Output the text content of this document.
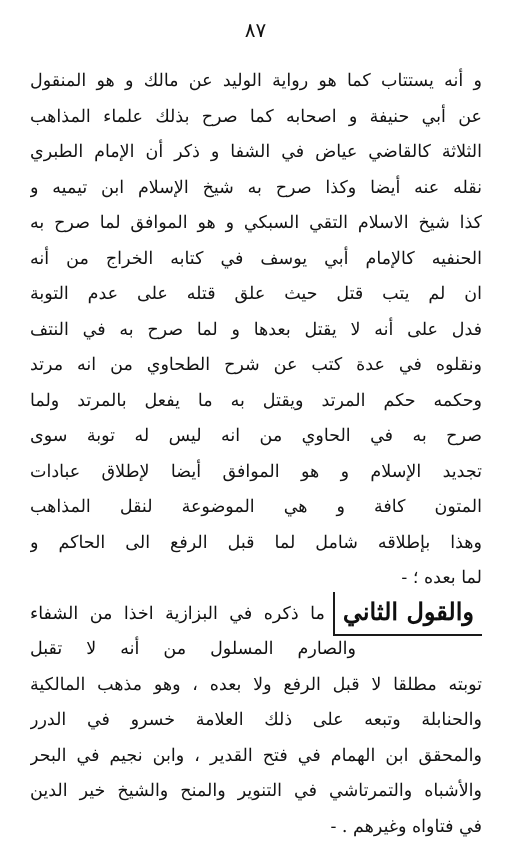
٨٧
و أنه يستتاب كما هو رواية الوليد عن مالك و هو المنقول
عن أبي حنيفة و اصحابه كما صرح بذلك علماء المذاهب
الثلاثة كالقاضي عياض في الشفا و ذكر أن الإمام الطبري
نقله عنه أيضا وكذا صرح به شيخ الإسلام ابن تيميه و
كذا شيخ الاسلام التقي السبكي و هو الموافق لما صرح به
الحنفيه كالإمام أبي يوسف في كتابه الخراج من أنه
ان لم يتب قتل حيث علق قتله على عدم التوبة
فدل على أنه لا يقتل بعدها و لما صرح به في النتف
ونقلوه في عدة كتب عن شرح الطحاوي من انه مرتد
وحكمه حكم المرتد ويقتل به ما يفعل بالمرتد ولما
صرح به في الحاوي من انه ليس له توبة سوى
تجديد الإسلام و هو الموافق أيضا لإطلاق عبادات
المتون كافة و هي الموضوعة لنقل المذاهب
وهذا بإطلاقه شامل لما قبل الرفع الى الحاكم و
لما بعده ؛ -
والقول الثاني
ما ذكره في البزازية اخذا من الشفاء
والصارم المسلول من أنه لا تقبل
توبته مطلقا لا قبل الرفع ولا بعده ، وهو مذهب المالكية
والحنابلة وتبعه على ذلك العلامة خسرو في الدرر
والمحقق ابن الهمام في فتح القدير ، وابن نجيم في البحر
والأشباه والتمرتاشي في التنوير والمنح والشيخ خير الدين
في فتاواه وغيرهم . -
